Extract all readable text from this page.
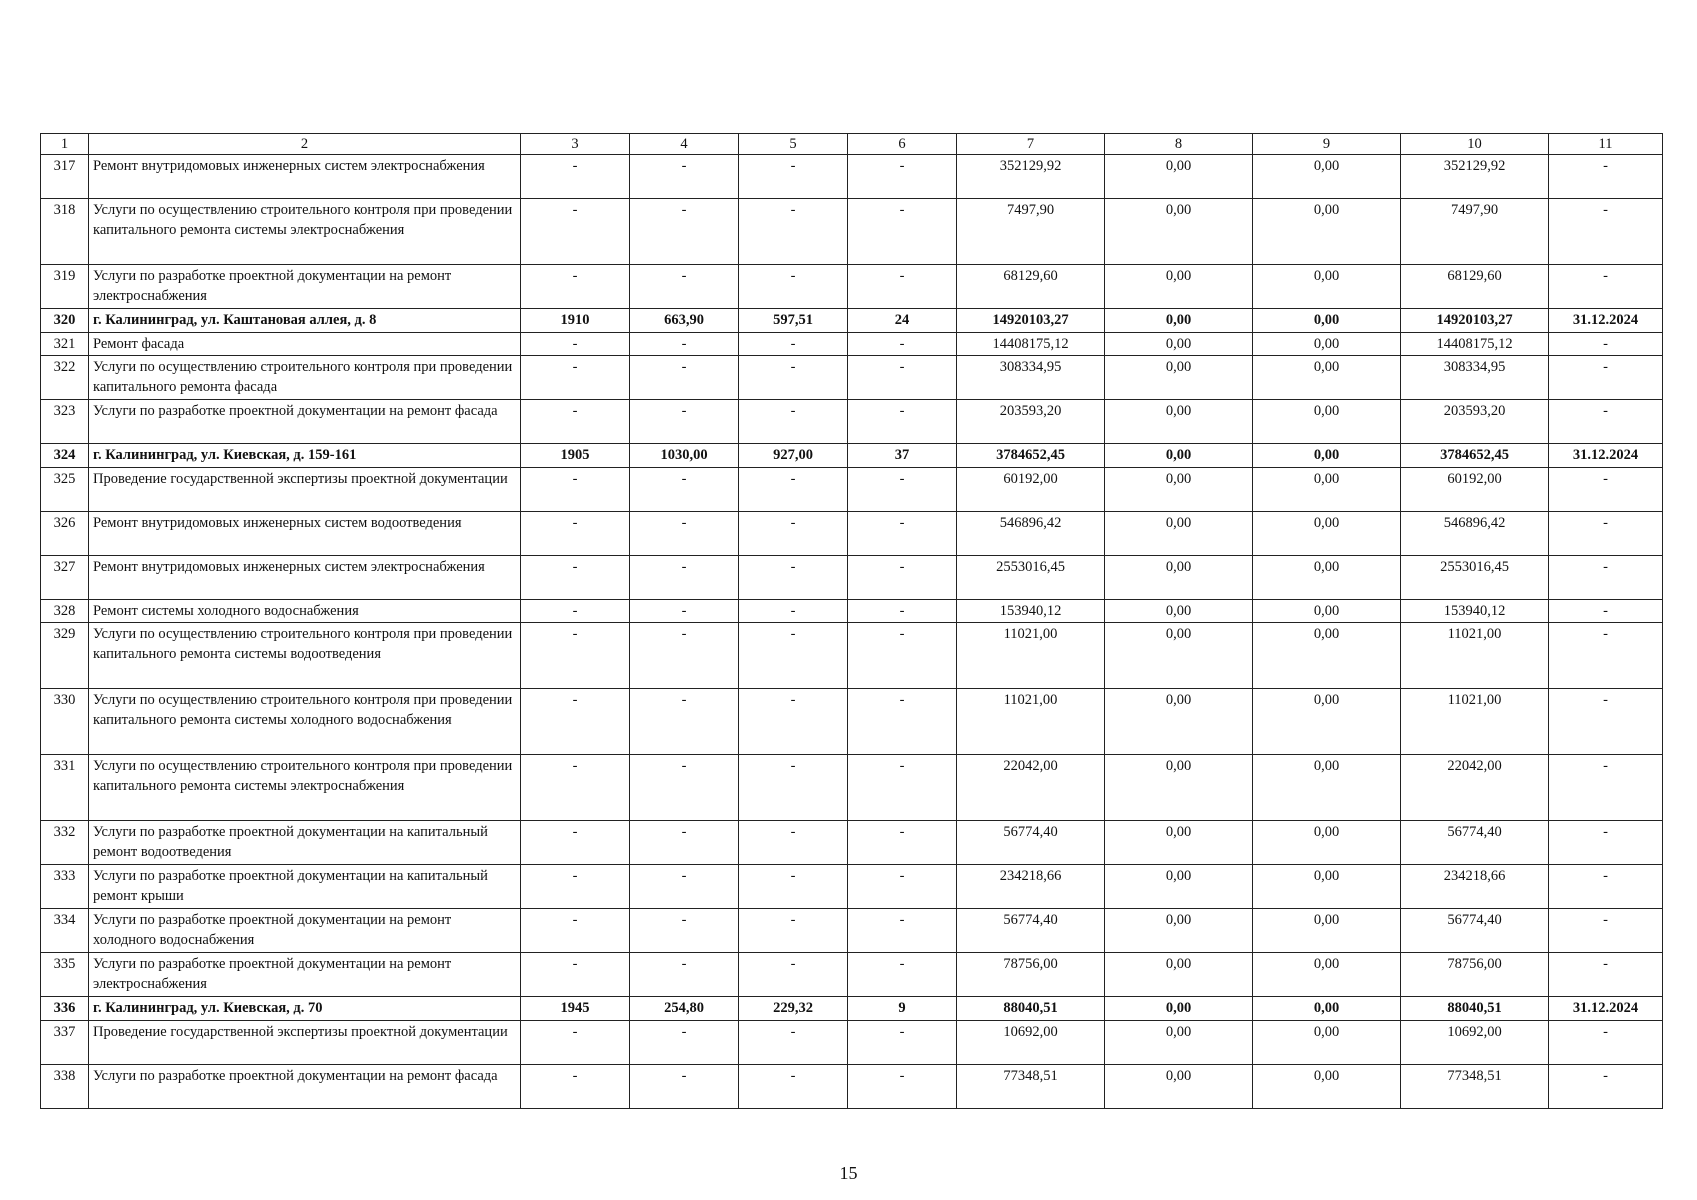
1	2	3	4	5	6	7	8	9	10	11
317	Ремонт внутридомовых инженерных систем электроснабжения	-	-	-	-	352129,92	0,00	0,00	352129,92	-
318	Услуги по осуществлению строительного контроля при проведении капитального ремонта системы электроснабжения	-	-	-	-	7497,90	0,00	0,00	7497,90	-
319	Услуги по разработке проектной документации на ремонт электроснабжения	-	-	-	-	68129,60	0,00	0,00	68129,60	-
320	г. Калининград, ул. Каштановая аллея, д. 8	1910	663,90	597,51	24	14920103,27	0,00	0,00	14920103,27	31.12.2024
321	Ремонт фасада	-	-	-	-	14408175,12	0,00	0,00	14408175,12	-
322	Услуги по осуществлению строительного контроля при проведении капитального ремонта фасада	-	-	-	-	308334,95	0,00	0,00	308334,95	-
323	Услуги по разработке проектной документации на ремонт фасада	-	-	-	-	203593,20	0,00	0,00	203593,20	-
324	г. Калининград, ул. Киевская, д. 159-161	1905	1030,00	927,00	37	3784652,45	0,00	0,00	3784652,45	31.12.2024
325	Проведение государственной экспертизы проектной документации	-	-	-	-	60192,00	0,00	0,00	60192,00	-
326	Ремонт внутридомовых инженерных систем водоотведения	-	-	-	-	546896,42	0,00	0,00	546896,42	-
327	Ремонт внутридомовых инженерных систем электроснабжения	-	-	-	-	2553016,45	0,00	0,00	2553016,45	-
328	Ремонт системы холодного водоснабжения	-	-	-	-	153940,12	0,00	0,00	153940,12	-
329	Услуги по осуществлению строительного контроля при проведении капитального ремонта системы водоотведения	-	-	-	-	11021,00	0,00	0,00	11021,00	-
330	Услуги по осуществлению строительного контроля при проведении капитального ремонта системы холодного водоснабжения	-	-	-	-	11021,00	0,00	0,00	11021,00	-
331	Услуги по осуществлению строительного контроля при проведении капитального ремонта системы электроснабжения	-	-	-	-	22042,00	0,00	0,00	22042,00	-
332	Услуги по разработке проектной документации на капитальный ремонт водоотведения	-	-	-	-	56774,40	0,00	0,00	56774,40	-
333	Услуги по разработке проектной документации на капитальный ремонт крыши	-	-	-	-	234218,66	0,00	0,00	234218,66	-
334	Услуги по разработке проектной документации на ремонт холодного водоснабжения	-	-	-	-	56774,40	0,00	0,00	56774,40	-
335	Услуги по разработке проектной документации на ремонт электроснабжения	-	-	-	-	78756,00	0,00	0,00	78756,00	-
336	г. Калининград, ул. Киевская, д. 70	1945	254,80	229,32	9	88040,51	0,00	0,00	88040,51	31.12.2024
337	Проведение государственной экспертизы проектной документации	-	-	-	-	10692,00	0,00	0,00	10692,00	-
338	Услуги по разработке проектной документации на ремонт фасада	-	-	-	-	77348,51	0,00	0,00	77348,51	-
15
